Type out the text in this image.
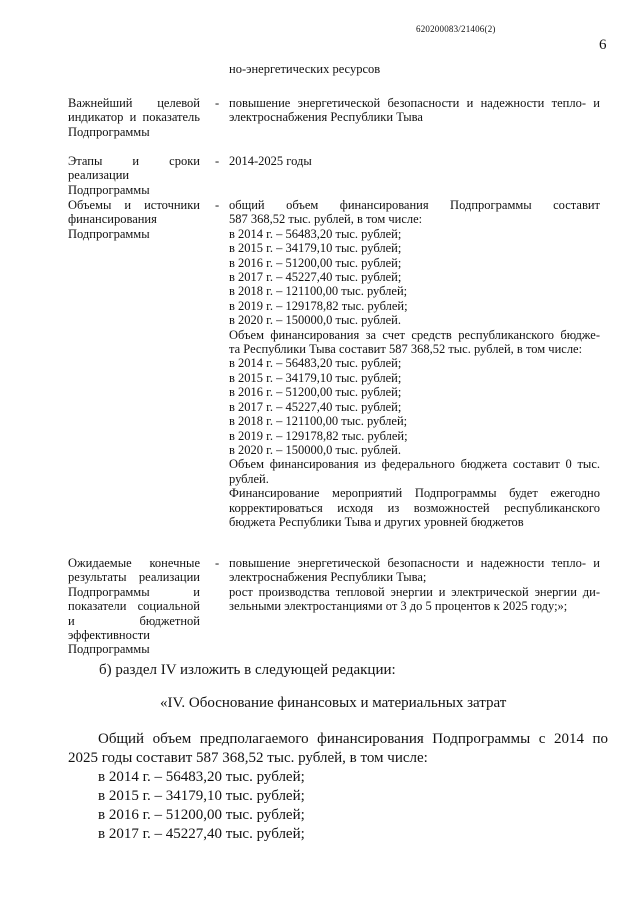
620200083/21406(2)
6
но-энергетических ресурсов
Важнейший целевой индикатор и показатель Подпрограммы
- повышение энергетической безопасности и надежности тепло- и
электроснабжения Республики Тыва
Этапы и сроки реализации Подпрограммы
- 2014-2025 годы
Объемы и источники финансирования Подпрограммы
- общий объем финансирования Подпрограммы составит
587 368,52 тыс. рублей, в том числе:
в 2014 г. – 56483,20 тыс. рублей;
в 2015 г. – 34179,10 тыс. рублей;
в 2016 г. – 51200,00 тыс. рублей;
в 2017 г. – 45227,40 тыс. рублей;
в 2018 г. – 121100,00 тыс. рублей;
в 2019 г. – 129178,82 тыс. рублей;
в 2020 г. – 150000,0 тыс. рублей.
Объем финансирования за счет средств республиканского бюдже-
та Республики Тыва составит 587 368,52 тыс. рублей, в том числе:
в 2014 г. – 56483,20 тыс. рублей;
в 2015 г. – 34179,10 тыс. рублей;
в 2016 г. – 51200,00 тыс. рублей;
в 2017 г. – 45227,40 тыс. рублей;
в 2018 г. – 121100,00 тыс. рублей;
в 2019 г. – 129178,82 тыс. рублей;
в 2020 г. – 150000,0 тыс. рублей.
Объем финансирования из федерального бюджета составит 0 тыс.
рублей.
Финансирование мероприятий Подпрограммы будет ежегодно
корректироваться исходя из возможностей республиканского
бюджета Республики Тыва и других уровней бюджетов
Ожидаемые конечные результаты реализации Подпрограммы и показатели социальной и бюджетной эффективности Подпрограммы
- повышение энергетической безопасности и надежности тепло- и
электроснабжения Республики Тыва;
рост производства тепловой энергии и электрической энергии ди-
зельными электростанциями от 3 до 5 процентов к 2025 году;»;
б) раздел IV изложить в следующей редакции:
«IV. Обоснование финансовых и материальных затрат
Общий объем предполагаемого финансирования Подпрограммы с 2014 по
2025 годы составит 587 368,52 тыс. рублей, в том числе:
в 2014 г. – 56483,20 тыс. рублей;
в 2015 г. – 34179,10 тыс. рублей;
в 2016 г. – 51200,00 тыс. рублей;
в 2017 г. – 45227,40 тыс. рублей;
